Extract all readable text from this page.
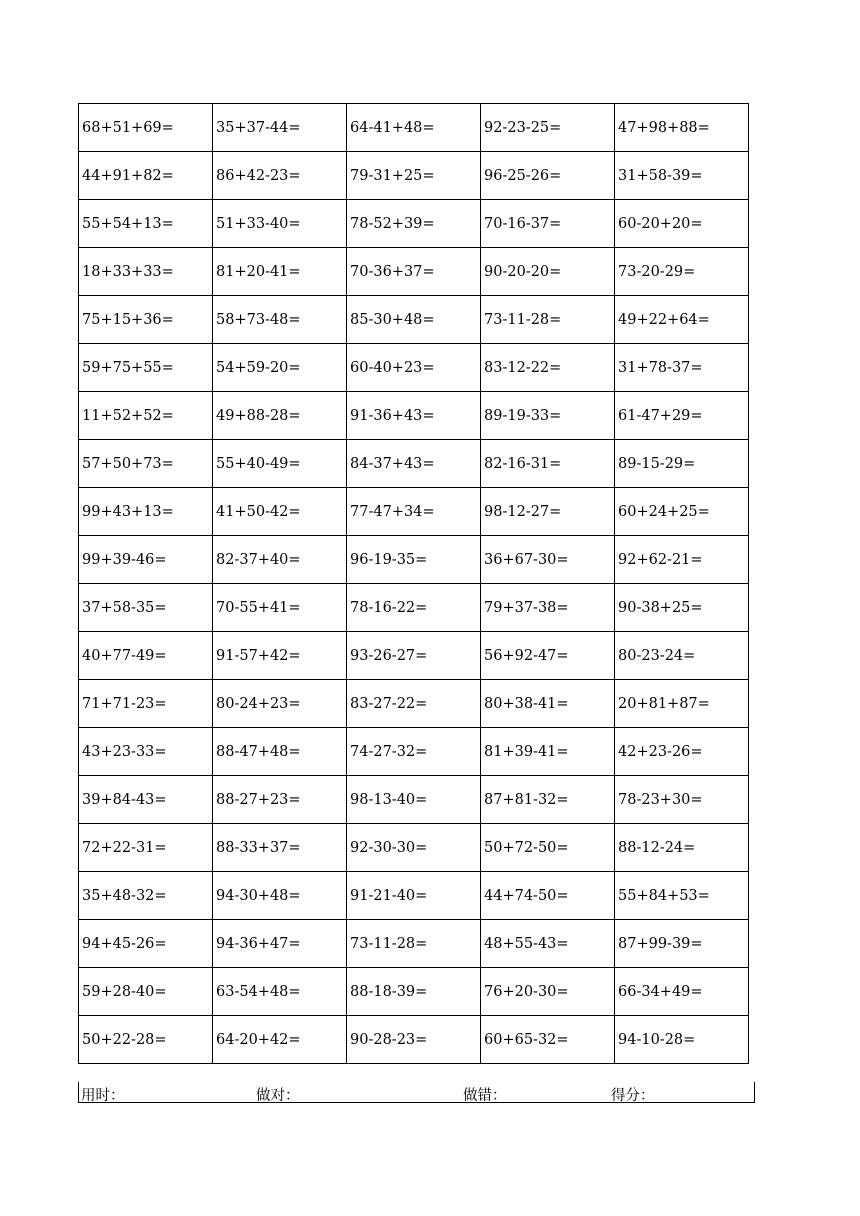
68+51+69=	35+37-44=	64-41+48=	92-23-25=	47+98+88=
44+91+82=	86+42-23=	79-31+25=	96-25-26=	31+58-39=
55+54+13=	51+33-40=	78-52+39=	70-16-37=	60-20+20=
18+33+33=	81+20-41=	70-36+37=	90-20-20=	73-20-29=
75+15+36=	58+73-48=	85-30+48=	73-11-28=	49+22+64=
59+75+55=	54+59-20=	60-40+23=	83-12-22=	31+78-37=
11+52+52=	49+88-28=	91-36+43=	89-19-33=	61-47+29=
57+50+73=	55+40-49=	84-37+43=	82-16-31=	89-15-29=
99+43+13=	41+50-42=	77-47+34=	98-12-27=	60+24+25=
99+39-46=	82-37+40=	96-19-35=	36+67-30=	92+62-21=
37+58-35=	70-55+41=	78-16-22=	79+37-38=	90-38+25=
40+77-49=	91-57+42=	93-26-27=	56+92-47=	80-23-24=
71+71-23=	80-24+23=	83-27-22=	80+38-41=	20+81+87=
43+23-33=	88-47+48=	74-27-32=	81+39-41=	42+23-26=
39+84-43=	88-27+23=	98-13-40=	87+81-32=	78-23+30=
72+22-31=	88-33+37=	92-30-30=	50+72-50=	88-12-24=
35+48-32=	94-30+48=	91-21-40=	44+74-50=	55+84+53=
94+45-26=	94-36+47=	73-11-28=	48+55-43=	87+99-39=
59+28-40=	63-54+48=	88-18-39=	76+20-30=	66-34+49=
50+22-28=	64-20+42=	90-28-23=	60+65-32=	94-10-28=
用时：	做对：	做错：	得分：
